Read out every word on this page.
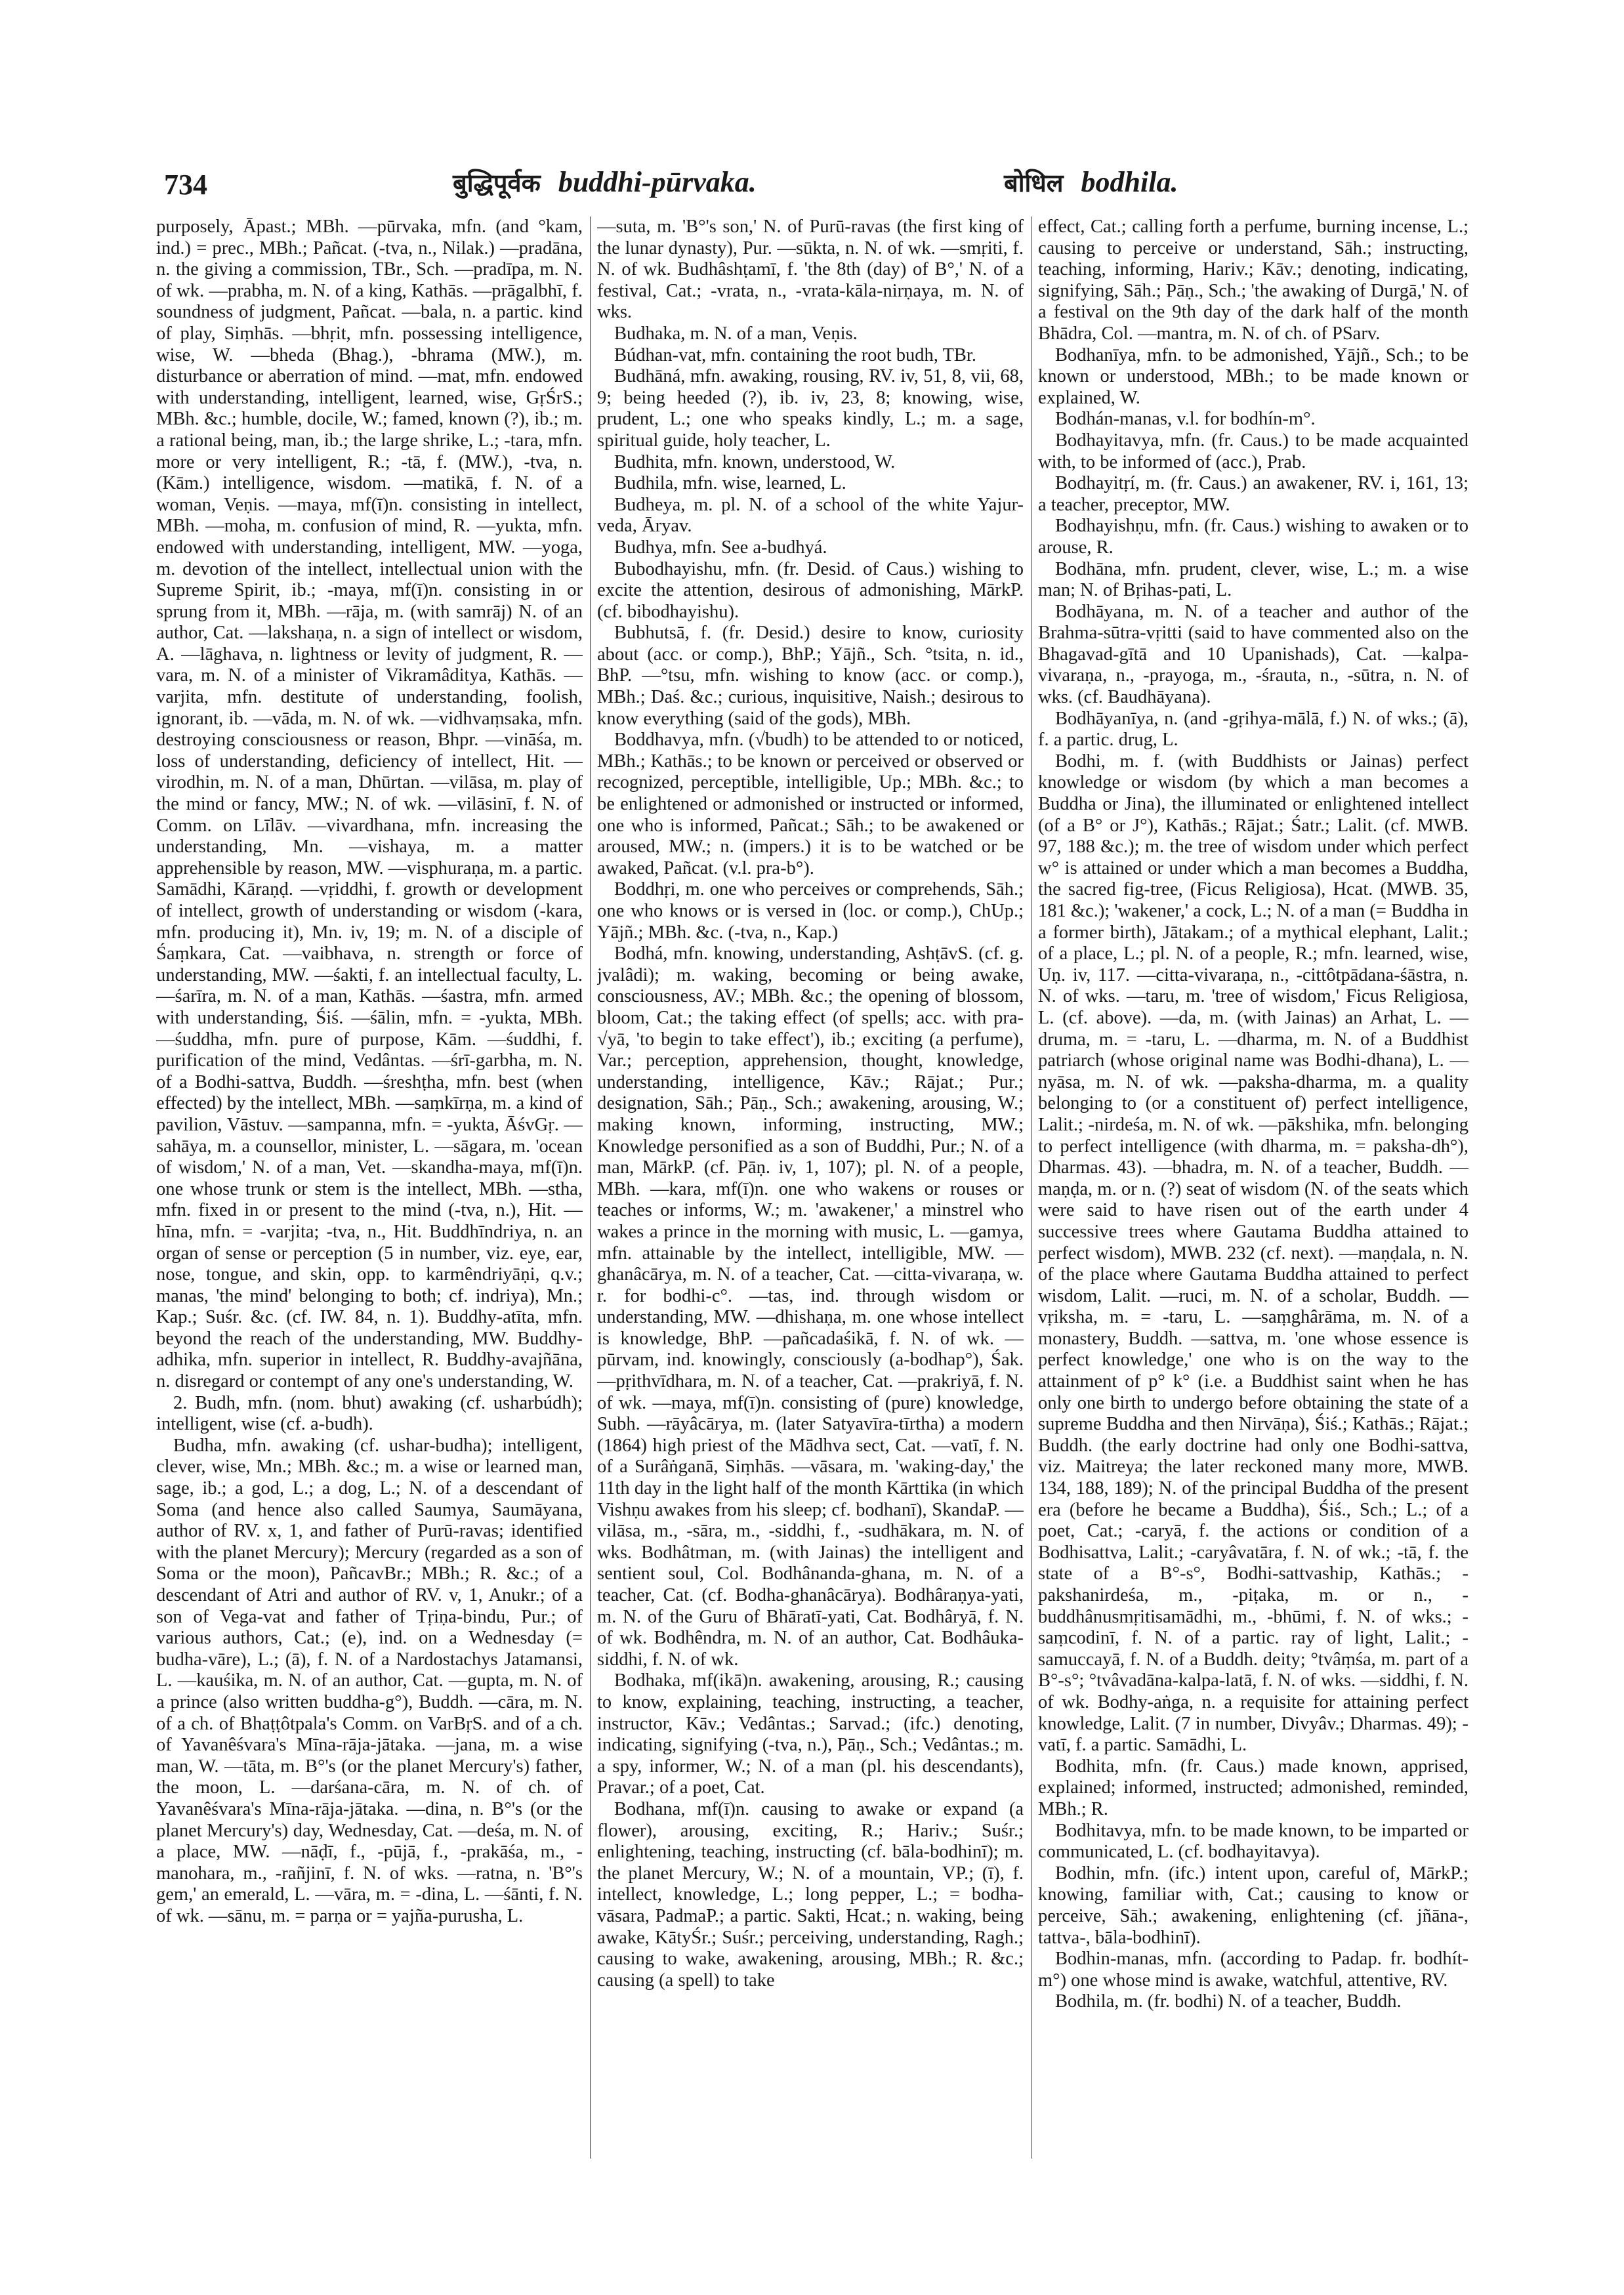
734	बुद्धिपूर्वक buddhi-pūrvaka.	बोधिल bodhila.

purposely, Āpast.; MBh. —pūrvaka, mfn. (and °kam, ind.) = prec., MBh.; Pañcat. (-tva, n., Nilak.) —pradāna, n. the giving a commission, TBr., Sch. —pradīpa, m. N. of wk. —prabha, m. N. of a king, Kathās. —prāgalbhī, f. soundness of judgment, Pañcat. —bala, n. a partic. kind of play, Siṃhās. —bhṛit, mfn. possessing intelligence, wise, W. —bheda (Bhag.), -bhrama (MW.), m. disturbance or aberration of mind. —mat, mfn. endowed with understanding, intelligent, learned, wise, GṛŚrS.; MBh. &c.; humble, docile, W.; famed, known (?), ib.; m. a rational being, man, ib.; the large shrike, L.; -tara, mfn. more or very intelligent, R.; -tā, f. (MW.), -tva, n. (Kām.) intelligence, wisdom. —matikā, f. N. of a woman, Veṇis. —maya, mf(ī)n. consisting in intellect, MBh. —moha, m. confusion of mind, R. —yukta, mfn. endowed with understanding, intelligent, MW. —yoga, m. devotion of the intellect, intellectual union with the Supreme Spirit, ib.; -maya, mf(ī)n. consisting in or sprung from it, MBh. —rāja, m. (with samrāj) N. of an author, Cat. —lakshaṇa, n. a sign of intellect or wisdom, A. —lāghava, n. lightness or levity of judgment, R. —vara, m. N. of a minister of Vikramâditya, Kathās. —varjita, mfn. destitute of understanding, foolish, ignorant, ib. —vāda, m. N. of wk. —vidhvaṃsaka, mfn. destroying consciousness or reason, Bhpr. —vināśa, m. loss of understanding, deficiency of intellect, Hit. —virodhin, m. N. of a man, Dhūrtan. —vilāsa, m. play of the mind or fancy, MW.; N. of wk. —vilāsinī, f. N. of Comm. on Līlāv. —vivardhana, mfn. increasing the understanding, Mn. —vishaya, m. a matter apprehensible by reason, MW. —visphuraṇa, m. a partic. Samādhi, Kāraṇḍ. —vṛiddhi, f. growth or development of intellect, growth of understanding or wisdom (-kara, mfn. producing it), Mn. iv, 19; m. N. of a disciple of Śaṃkara, Cat. —vaibhava, n. strength or force of understanding, MW. —śakti, f. an intellectual faculty, L. —śarīra, m. N. of a man, Kathās. —śastra, mfn. armed with understanding, Śiś. —śālin, mfn. = -yukta, MBh. —śuddha, mfn. pure of purpose, Kām. —śuddhi, f. purification of the mind, Vedântas. —śrī-garbha, m. N. of a Bodhi-sattva, Buddh. —śreshṭha, mfn. best (when effected) by the intellect, MBh. —saṃkīrṇa, m. a kind of pavilion, Vāstuv. —sampanna, mfn. = -yukta, ĀśvGṛ. —sahāya, m. a counsellor, minister, L. —sāgara, m. 'ocean of wisdom,' N. of a man, Vet. —skandha-maya, mf(ī)n. one whose trunk or stem is the intellect, MBh. —stha, mfn. fixed in or present to the mind (-tva, n.), Hit. —hīna, mfn. = -varjita; -tva, n., Hit. Buddhīndriya, n. an organ of sense or perception (5 in number, viz. eye, ear, nose, tongue, and skin, opp. to karmêndriyāṇi, q.v.; manas, 'the mind' belonging to both; cf. indriya), Mn.; Kap.; Suśr. &c. (cf. IW. 84, n. 1). Buddhy-atīta, mfn. beyond the reach of the understanding, MW. Buddhy-adhika, mfn. superior in intellect, R. Buddhy-avajñāna, n. disregard or contempt of any one's understanding, W.

2. Budh, mfn. (nom. bhut) awaking (cf. usharbúdh); intelligent, wise (cf. a-budh).

Budha, mfn. awaking (cf. ushar-budha); intelligent, clever, wise, Mn.; MBh. &c.; m. a wise or learned man, sage, ib.; a god, L.; a dog, L.; N. of a descendant of Soma (and hence also called Saumya, Saumāyana, author of RV. x, 1, and father of Purū-ravas; identified with the planet Mercury); Mercury (regarded as a son of Soma or the moon), PañcavBr.; MBh.; R. &c.; of a descendant of Atri and author of RV. v, 1, Anukr.; of a son of Vega-vat and father of Tṛiṇa-bindu, Pur.; of various authors, Cat.; (e), ind. on a Wednesday (= budha-vāre), L.; (ā), f. N. of a Nardostachys Jatamansi, L. —kauśika, m. N. of an author, Cat. —gupta, m. N. of a prince (also written buddha-g°), Buddh. —cāra, m. N. of a ch. of Bhaṭṭôtpala's Comm. on VarBṛS. and of a ch. of Yavanêśvara's Mīna-rāja-jātaka. —jana, m. a wise man, W. —tāta, m. B°'s (or the planet Mercury's) father, the moon, L. —darśana-cāra, m. N. of ch. of Yavanêśvara's Mīna-rāja-jātaka. —dina, n. B°'s (or the planet Mercury's) day, Wednesday, Cat. —deśa, m. N. of a place, MW. —nāḍī, f., -pūjā, f., -prakāśa, m., -manohara, m., -rañjinī, f. N. of wks. —ratna, n. 'B°'s gem,' an emerald, L. —vāra, m. = -dina, L. —śānti, f. N. of wk. —sānu, m. = parṇa or = yajña-purusha, L.

—suta, m. 'B°'s son,' N. of Purū-ravas (the first king of the lunar dynasty), Pur. —sūkta, n. N. of wk. —smṛiti, f. N. of wk. Budhâshṭamī, f. 'the 8th (day) of B°,' N. of a festival, Cat.; -vrata, n., -vrata-kāla-nirṇaya, m. N. of wks.

Budhaka, m. N. of a man, Veṇis.

Búdhan-vat, mfn. containing the root budh, TBr.

Budhāná, mfn. awaking, rousing, RV. iv, 51, 8, vii, 68, 9; being heeded (?), ib. iv, 23, 8; knowing, wise, prudent, L.; one who speaks kindly, L.; m. a sage, spiritual guide, holy teacher, L.

Budhita, mfn. known, understood, W.

Budhila, mfn. wise, learned, L.

Budheya, m. pl. N. of a school of the white Yajur-veda, Āryav.

Budhya, mfn. See a-budhyá.

Bubodhayishu, mfn. (fr. Desid. of Caus.) wishing to excite the attention, desirous of admonishing, MārkP. (cf. bibodhayishu).

Bubhutsā, f. (fr. Desid.) desire to know, curiosity about (acc. or comp.), BhP.; Yājñ., Sch. °tsita, n. id., BhP. —°tsu, mfn. wishing to know (acc. or comp.), MBh.; Daś. &c.; curious, inquisitive, Naish.; desirous to know everything (said of the gods), MBh.

Boddhavya, mfn. (√budh) to be attended to or noticed, MBh.; Kathās.; to be known or perceived or observed or recognized, perceptible, intelligible, Up.; MBh. &c.; to be enlightened or admonished or instructed or informed, one who is informed, Pañcat.; Sāh.; to be awakened or aroused, MW.; n. (impers.) it is to be watched or be awaked, Pañcat. (v.l. pra-b°).

Boddhṛi, m. one who perceives or comprehends, Sāh.; one who knows or is versed in (loc. or comp.), ChUp.; Yājñ.; MBh. &c. (-tva, n., Kap.)

Bodhá, mfn. knowing, understanding, AshṭāvS. (cf. g. jvalâdi); m. waking, becoming or being awake, consciousness, AV.; MBh. &c.; the opening of blossom, bloom, Cat.; the taking effect (of spells; acc. with pra-√yā, 'to begin to take effect'), ib.; exciting (a perfume), Var.; perception, apprehension, thought, knowledge, understanding, intelligence, Kāv.; Rājat.; Pur.; designation, Sāh.; Pāṇ., Sch.; awakening, arousing, W.; making known, informing, instructing, MW.; Knowledge personified as a son of Buddhi, Pur.; N. of a man, MārkP. (cf. Pāṇ. iv, 1, 107); pl. N. of a people, MBh. —kara, mf(ī)n. one who wakens or rouses or teaches or informs, W.; m. 'awakener,' a minstrel who wakes a prince in the morning with music, L. —gamya, mfn. attainable by the intellect, intelligible, MW. —ghanâcārya, m. N. of a teacher, Cat. —citta-vivaraṇa, w. r. for bodhi-c°. —tas, ind. through wisdom or understanding, MW. —dhishaṇa, m. one whose intellect is knowledge, BhP. —pañcadaśikā, f. N. of wk. —pūrvam, ind. knowingly, consciously (a-bodhap°), Śak. —pṛithvīdhara, m. N. of a teacher, Cat. —prakriyā, f. N. of wk. —maya, mf(ī)n. consisting of (pure) knowledge, Subh. —rāyâcārya, m. (later Satyavīra-tīrtha) a modern (1864) high priest of the Mādhva sect, Cat. —vatī, f. N. of a Surâṅganā, Siṃhās. —vāsara, m. 'waking-day,' the 11th day in the light half of the month Kārttika (in which Vishṇu awakes from his sleep; cf. bodhanī), SkandaP. —vilāsa, m., -sāra, m., -siddhi, f., -sudhākara, m. N. of wks. Bodhâtman, m. (with Jainas) the intelligent and sentient soul, Col. Bodhânanda-ghana, m. N. of a teacher, Cat. (cf. Bodha-ghanâcārya). Bodhâraṇya-yati, m. N. of the Guru of Bhāratī-yati, Cat. Bodhâryā, f. N. of wk. Bodhêndra, m. N. of an author, Cat. Bodhâuka-siddhi, f. N. of wk.

Bodhaka, mf(ikā)n. awakening, arousing, R.; causing to know, explaining, teaching, instructing, a teacher, instructor, Kāv.; Vedântas.; Sarvad.; (ifc.) denoting, indicating, signifying (-tva, n.), Pāṇ., Sch.; Vedântas.; m. a spy, informer, W.; N. of a man (pl. his descendants), Pravar.; of a poet, Cat.

Bodhana, mf(ī)n. causing to awake or expand (a flower), arousing, exciting, R.; Hariv.; Suśr.; enlightening, teaching, instructing (cf. bāla-bodhinī); m. the planet Mercury, W.; N. of a mountain, VP.; (ī), f. intellect, knowledge, L.; long pepper, L.; = bodha-vāsara, PadmaP.; a partic. Sakti, Hcat.; n. waking, being awake, KātyŚr.; Suśr.; perceiving, understanding, Ragh.; causing to wake, awakening, arousing, MBh.; R. &c.; causing (a spell) to take

effect, Cat.; calling forth a perfume, burning incense, L.; causing to perceive or understand, Sāh.; instructing, teaching, informing, Hariv.; Kāv.; denoting, indicating, signifying, Sāh.; Pāṇ., Sch.; 'the awaking of Durgā,' N. of a festival on the 9th day of the dark half of the month Bhādra, Col. —mantra, m. N. of ch. of PSarv.

Bodhanīya, mfn. to be admonished, Yājñ., Sch.; to be known or understood, MBh.; to be made known or explained, W.

Bodhán-manas, v.l. for bodhín-m°.

Bodhayitavya, mfn. (fr. Caus.) to be made acquainted with, to be informed of (acc.), Prab.

Bodhayitṛí, m. (fr. Caus.) an awakener, RV. i, 161, 13; a teacher, preceptor, MW.

Bodhayishṇu, mfn. (fr. Caus.) wishing to awaken or to arouse, R.

Bodhāna, mfn. prudent, clever, wise, L.; m. a wise man; N. of Bṛihas-pati, L.

Bodhāyana, m. N. of a teacher and author of the Brahma-sūtra-vṛitti (said to have commented also on the Bhagavad-gītā and 10 Upanishads), Cat. —kalpa-vivaraṇa, n., -prayoga, m., -śrauta, n., -sūtra, n. N. of wks. (cf. Baudhāyana).

Bodhāyanīya, n. (and -gṛihya-mālā, f.) N. of wks.; (ā), f. a partic. drug, L.

Bodhi, m. f. (with Buddhists or Jainas) perfect knowledge or wisdom (by which a man becomes a Buddha or Jina), the illuminated or enlightened intellect (of a B° or J°), Kathās.; Rājat.; Śatr.; Lalit. (cf. MWB. 97, 188 &c.); m. the tree of wisdom under which perfect w° is attained or under which a man becomes a Buddha, the sacred fig-tree, (Ficus Religiosa), Hcat. (MWB. 35, 181 &c.); 'wakener,' a cock, L.; N. of a man (= Buddha in a former birth), Jātakam.; of a mythical elephant, Lalit.; of a place, L.; pl. N. of a people, R.; mfn. learned, wise, Uṇ. iv, 117. —citta-vivaraṇa, n., -cittôtpādana-śāstra, n. N. of wks. —taru, m. 'tree of wisdom,' Ficus Religiosa, L. (cf. above). —da, m. (with Jainas) an Arhat, L. —druma, m. = -taru, L. —dharma, m. N. of a Buddhist patriarch (whose original name was Bodhi-dhana), L. —nyāsa, m. N. of wk. —paksha-dharma, m. a quality belonging to (or a constituent of) perfect intelligence, Lalit.; -nirdeśa, m. N. of wk. —pākshika, mfn. belonging to perfect intelligence (with dharma, m. = paksha-dh°), Dharmas. 43). —bhadra, m. N. of a teacher, Buddh. —maṇḍa, m. or n. (?) seat of wisdom (N. of the seats which were said to have risen out of the earth under 4 successive trees where Gautama Buddha attained to perfect wisdom), MWB. 232 (cf. next). —maṇḍala, n. N. of the place where Gautama Buddha attained to perfect wisdom, Lalit. —ruci, m. N. of a scholar, Buddh. —vṛiksha, m. = -taru, L. —saṃghârāma, m. N. of a monastery, Buddh. —sattva, m. 'one whose essence is perfect knowledge,' one who is on the way to the attainment of p° k° (i.e. a Buddhist saint when he has only one birth to undergo before obtaining the state of a supreme Buddha and then Nirvāṇa), Śiś.; Kathās.; Rājat.; Buddh. (the early doctrine had only one Bodhi-sattva, viz. Maitreya; the later reckoned many more, MWB. 134, 188, 189); N. of the principal Buddha of the present era (before he became a Buddha), Śiś., Sch.; L.; of a poet, Cat.; -caryā, f. the actions or condition of a Bodhisattva, Lalit.; -caryâvatāra, f. N. of wk.; -tā, f. the state of a B°-s°, Bodhi-sattvaship, Kathās.; -pakshanirdeśa, m., -piṭaka, m. or n., -buddhânusmṛitisamādhi, m., -bhūmi, f. N. of wks.; -saṃcodinī, f. N. of a partic. ray of light, Lalit.; -samuccayā, f. N. of a Buddh. deity; °tvâṃśa, m. part of a B°-s°; °tvâvadāna-kalpa-latā, f. N. of wks. —siddhi, f. N. of wk. Bodhy-aṅga, n. a requisite for attaining perfect knowledge, Lalit. (7 in number, Divyâv.; Dharmas. 49); -vatī, f. a partic. Samādhi, L.

Bodhita, mfn. (fr. Caus.) made known, apprised, explained; informed, instructed; admonished, reminded, MBh.; R.

Bodhitavya, mfn. to be made known, to be imparted or communicated, L. (cf. bodhayitavya).

Bodhin, mfn. (ifc.) intent upon, careful of, MārkP.; knowing, familiar with, Cat.; causing to know or perceive, Sāh.; awakening, enlightening (cf. jñāna-, tattva-, bāla-bodhinī).

Bodhin-manas, mfn. (according to Padap. fr. bodhít-m°) one whose mind is awake, watchful, attentive, RV.

Bodhila, m. (fr. bodhi) N. of a teacher, Buddh.
